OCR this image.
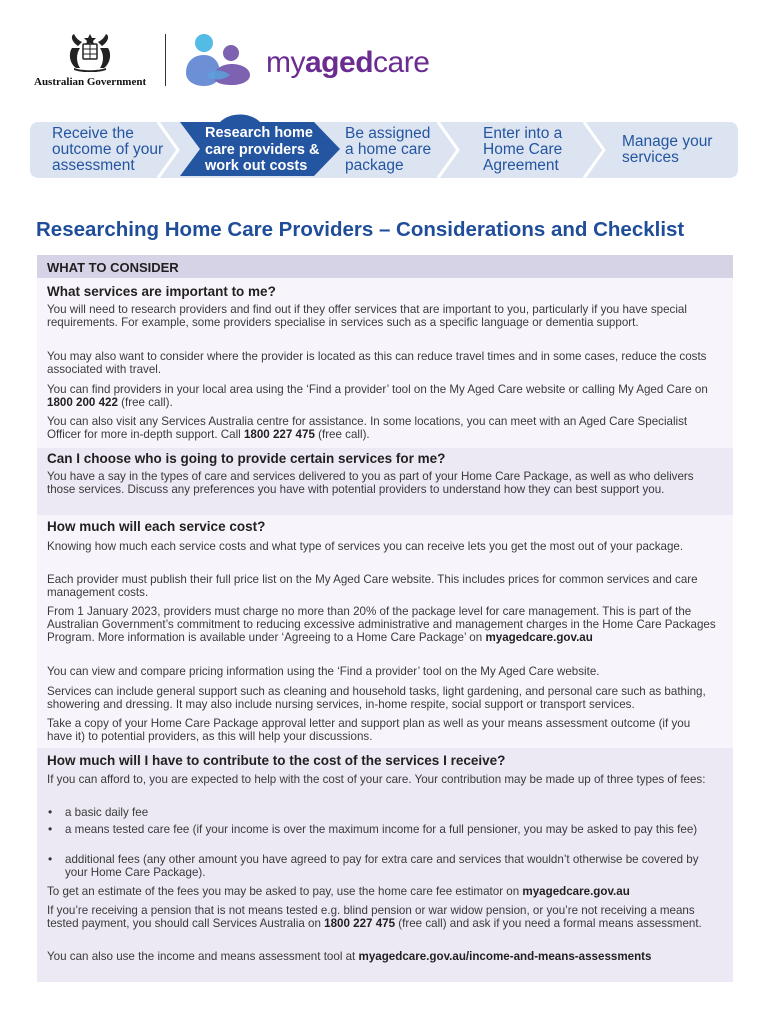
Australian Government
myagedcare
Receive the
outcome of your
assessment
Research home
care providers &
work out costs
Be assigned
a home care
package
Enter into a
Home Care
Agreement
Manage your
services
Researching Home Care Providers – Considerations and Checklist
WHAT TO CONSIDER
What services are important to me?
You will need to research providers and find out if they offer services that are important to you, particularly if you have special requirements. For example, some providers specialise in services such as a specific language or dementia support.
You may also want to consider where the provider is located as this can reduce travel times and in some cases, reduce the costs associated with travel.
You can find providers in your local area using the ‘Find a provider’ tool on the My Aged Care website or calling My Aged Care on 1800 200 422 (free call).
You can also visit any Services Australia centre for assistance. In some locations, you can meet with an Aged Care Specialist Officer for more in-depth support. Call 1800 227 475 (free call).
Can I choose who is going to provide certain services for me?
You have a say in the types of care and services delivered to you as part of your Home Care Package, as well as who delivers those services. Discuss any preferences you have with potential providers to understand how they can best support you.
How much will each service cost?
Knowing how much each service costs and what type of services you can receive lets you get the most out of your package.
Each provider must publish their full price list on the My Aged Care website. This includes prices for common services and care management costs.
From 1 January 2023, providers must charge no more than 20% of the package level for care management. This is part of the Australian Government’s commitment to reducing excessive administrative and management charges in the Home Care Packages Program. More information is available under ‘Agreeing to a Home Care Package’ on myagedcare.gov.au
You can view and compare pricing information using the ‘Find a provider’ tool on the My Aged Care website.
Services can include general support such as cleaning and household tasks, light gardening, and personal care such as bathing, showering and dressing. It may also include nursing services, in-home respite, social support or transport services.
Take a copy of your Home Care Package approval letter and support plan as well as your means assessment outcome (if you have it) to potential providers, as this will help your discussions.
How much will I have to contribute to the cost of the services I receive?
If you can afford to, you are expected to help with the cost of your care. Your contribution may be made up of three types of fees:
• a basic daily fee
• a means tested care fee (if your income is over the maximum income for a full pensioner, you may be asked to pay this fee)
• additional fees (any other amount you have agreed to pay for extra care and services that wouldn’t otherwise be covered by your Home Care Package).
To get an estimate of the fees you may be asked to pay, use the home care fee estimator on myagedcare.gov.au
If you’re receiving a pension that is not means tested e.g. blind pension or war widow pension, or you’re not receiving a means tested payment, you should call Services Australia on 1800 227 475 (free call) and ask if you need a formal means assessment.
You can also use the income and means assessment tool at myagedcare.gov.au/income-and-means-assessments
